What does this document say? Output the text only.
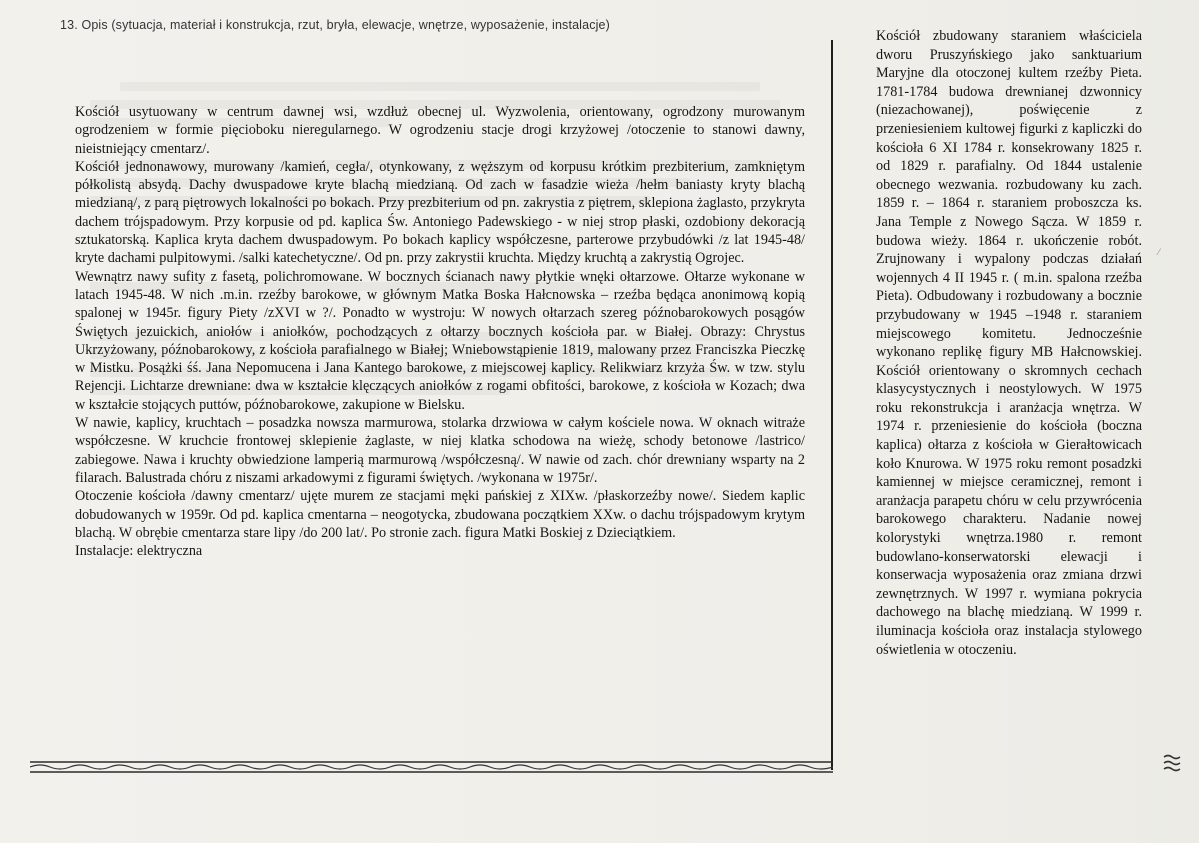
13. Opis (sytuacja, materiał i konstrukcja, rzut, bryła, elewacje, wnętrze, wyposażenie, instalacje)

Kościół usytuowany w centrum dawnej wsi, wzdłuż obecnej ul. Wyzwolenia, orientowany, ogrodzony murowanym ogrodzeniem w formie pięcioboku nieregularnego. W ogrodzeniu stacje drogi krzyżowej /otoczenie to stanowi dawny, nieistniejący cmentarz/.

Kościół jednonawowy, murowany /kamień, cegła/, otynkowany, z węższym od korpusu krótkim prezbiterium, zamkniętym półkolistą absydą. Dachy dwuspadowe kryte blachą miedzianą. Od zach w fasadzie wieża /hełm baniasty kryty blachą miedzianą/, z parą piętrowych lokalności po bokach. Przy prezbiterium od pn. zakrystia z piętrem, sklepiona żaglasto, przykryta dachem trójspadowym. Przy korpusie od pd. kaplica Św. Antoniego Padewskiego - w niej strop płaski, ozdobiony dekoracją sztukatorską. Kaplica kryta dachem dwuspadowym. Po bokach kaplicy współczesne, parterowe przybudówki /z lat 1945-48/ kryte dachami pulpitowymi. /salki katechetyczne/. Od pn. przy zakrystii kruchta. Między kruchtą a zakrystią Ogrojec.

Wewnątrz nawy sufity z fasetą, polichromowane. W bocznych ścianach nawy płytkie wnęki ołtarzowe. Ołtarze wykonane w latach 1945-48. W nich .m.in. rzeźby barokowe, w głównym Matka Boska Hałcnowska – rzeźba będąca anonimową kopią spalonej w 1945r. figury Piety /zXVI w ?/. Ponadto w wystroju: W nowych ołtarzach szereg późnobarokowych posągów Świętych jezuickich, aniołów i aniołków, pochodzących z ołtarzy bocznych kościoła par. w Białej. Obrazy: Chrystus Ukrzyżowany, późnobarokowy, z kościoła parafialnego w Białej; Wniebowstąpienie 1819, malowany przez Franciszka Pieczkę w Mistku. Posążki śś. Jana Nepomucena i Jana Kantego barokowe, z miejscowej kaplicy. Relikwiarz krzyża Św. w tzw. stylu Rejencji. Lichtarze drewniane: dwa w kształcie klęczących aniołków z rogami obfitości, barokowe, z kościoła w Kozach; dwa w kształcie stojących puttów, późnobarokowe, zakupione w Bielsku.

W nawie, kaplicy, kruchtach – posadzka nowsza marmurowa, stolarka drzwiowa w całym kościele nowa. W oknach witraże współczesne. W kruchcie frontowej sklepienie żaglaste, w niej klatka schodowa na wieżę, schody betonowe /lastrico/ zabiegowe. Nawa i kruchty obwiedzione lamperią marmurową /współczesną/. W nawie od zach. chór drewniany wsparty na 2 filarach. Balustrada chóru z niszami arkadowymi z figurami świętych. /wykonana w 1975r/.

Otoczenie kościoła /dawny cmentarz/ ujęte murem ze stacjami męki pańskiej z XIXw. /płaskorzeźby nowe/. Siedem kaplic dobudowanych w 1959r. Od pd. kaplica cmentarna – neogotycka, zbudowana początkiem XXw. o dachu trójspadowym krytym blachą. W obrębie cmentarza stare lipy /do 200 lat/. Po stronie zach. figura Matki Boskiej z Dzieciątkiem.

Instalacje: elektryczna

Kościół zbudowany staraniem właściciela dworu Pruszyńskiego jako sanktuarium Maryjne dla otoczonej kultem rzeźby Pieta. 1781-1784 budowa drewnianej dzwonnicy (niezachowanej), poświęcenie z przeniesieniem kultowej figurki z kapliczki do kościoła 6 XI 1784 r. konsekrowany 1825 r. od 1829 r. parafialny. Od 1844 ustalenie obecnego wezwania. rozbudowany ku zach. 1859 r. – 1864 r. staraniem proboszcza ks. Jana Temple z Nowego Sącza. W 1859 r. budowa wieży. 1864 r. ukończenie robót. Zrujnowany i wypalony podczas działań wojennych 4 II 1945 r. ( m.in. spalona rzeźba Pieta). Odbudowany i rozbudowany a bocznie przybudowany w 1945 –1948 r. staraniem miejscowego komitetu. Jednocześnie wykonano replikę figury MB Hałcnowskiej. Kościół orientowany o skromnych cechach klasycystycznych i neostylowych. W 1975 roku rekonstrukcja i aranżacja wnętrza. W 1974 r. przeniesienie do kościoła (boczna kaplica) ołtarza z kościoła w Gierałtowicach koło Knurowa. W 1975 roku remont posadzki kamiennej w miejsce ceramicznej, remont i aranżacja parapetu chóru w celu przywrócenia barokowego charakteru. Nadanie nowej kolorystyki wnętrza.1980 r. remont budowlano-konserwatorski elewacji i konserwacja wyposażenia oraz zmiana drzwi zewnętrznych. W 1997 r. wymiana pokrycia dachowego na blachę miedzianą. W 1999 r. iluminacja kościoła oraz instalacja stylowego oświetlenia w otoczeniu.

⁄
